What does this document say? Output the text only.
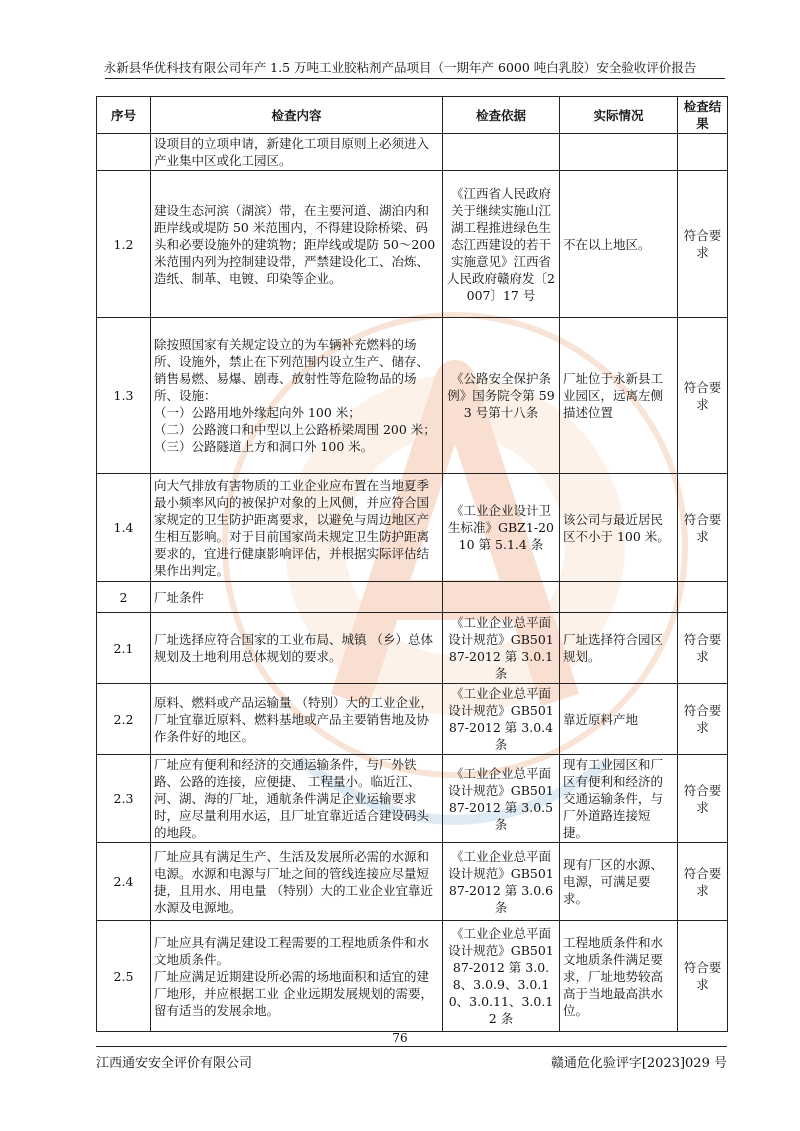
永新县华优科技有限公司年产 1.5 万吨工业胶粘剂产品项目（一期年产 6000 吨白乳胶）安全验收评价报告
序号	检查内容	检查依据	实际情况	检查结果
	设项目的立项申请，新建化工项目原则上必须进入产业集中区或化工园区。			
1.2	建设生态河滨（湖滨）带，在主要河道、湖泊内和距岸线或堤防 50 米范围内，不得建设除桥梁、码头和必要设施外的建筑物；距岸线或堤防 50～200 米范围内列为控制建设带，严禁建设化工、冶炼、造纸、制革、电镀、印染等企业。	《江西省人民政府关于继续实施山江湖工程推进绿色生态江西建设的若干实施意见》江西省人民政府赣府发〔2007〕17 号	不在以上地区。	符合要求
1.3	除按照国家有关规定设立的为车辆补充燃料的场所、设施外，禁止在下列范围内设立生产、储存、销售易燃、易爆、剧毒、放射性等危险物品的场所、设施：
（一）公路用地外缘起向外 100 米；
（二）公路渡口和中型以上公路桥梁周围 200 米；
（三）公路隧道上方和洞口外 100 米。	《公路安全保护条例》国务院令第 593 号第十八条	厂址位于永新县工业园区，远离左侧描述位置	符合要求
1.4	向大气排放有害物质的工业企业应布置在当地夏季最小频率风向的被保护对象的上风侧，并应符合国家规定的卫生防护距离要求，以避免与周边地区产生相互影响。对于目前国家尚未规定卫生防护距离要求的，宜进行健康影响评估，并根据实际评估结果作出判定。	《工业企业设计卫生标准》GBZ1-2010 第 5.1.4 条	该公司与最近居民区不小于 100 米。	符合要求
2	厂址条件			
2.1	厂址选择应符合国家的工业布局、城镇 （乡）总体规划及土地利用总体规划的要求。	《工业企业总平面设计规范》GB50187-2012 第 3.0.1 条	厂址选择符合园区规划。	符合要求
2.2	原料、燃料或产品运输量 （特别）大的工业企业，厂址宜靠近原料、燃料基地或产品主要销售地及协作条件好的地区。	《工业企业总平面设计规范》GB50187-2012 第 3.0.4 条	靠近原料产地	符合要求
2.3	厂址应有便利和经济的交通运输条件，与厂外铁路、公路的连接，应便捷、 工程量小。临近江、河、湖、海的厂址，通航条件满足企业运输要求时，应尽量利用水运，且厂址宜靠近适合建设码头的地段。	《工业企业总平面设计规范》GB50187-2012 第 3.0.5 条	现有工业园区和厂区有便利和经济的交通运输条件，与厂外道路连接短捷。	符合要求
2.4	厂址应具有满足生产、生活及发展所必需的水源和电源。水源和电源与厂址之间的管线连接应尽量短捷，且用水、用电量 （特别）大的工业企业宜靠近水源及电源地。	《工业企业总平面设计规范》GB50187-2012 第 3.0.6 条	现有厂区的水源、电源，可满足要求。	符合要求
2.5	厂址应具有满足建设工程需要的工程地质条件和水文地质条件。
厂址应满足近期建设所必需的场地面积和适宜的建厂地形，并应根据工业 企业远期发展规划的需要，留有适当的发展余地。	《工业企业总平面设计规范》GB50187-2012 第 3.0.8、3.0.9、3.0.10、3.0.11、3.0.12 条	工程地质条件和水文地质条件满足要求，厂址地势较高高于当地最高洪水位。	符合要求
76
江西通安安全评价有限公司	赣通危化验评字[2023]029 号
